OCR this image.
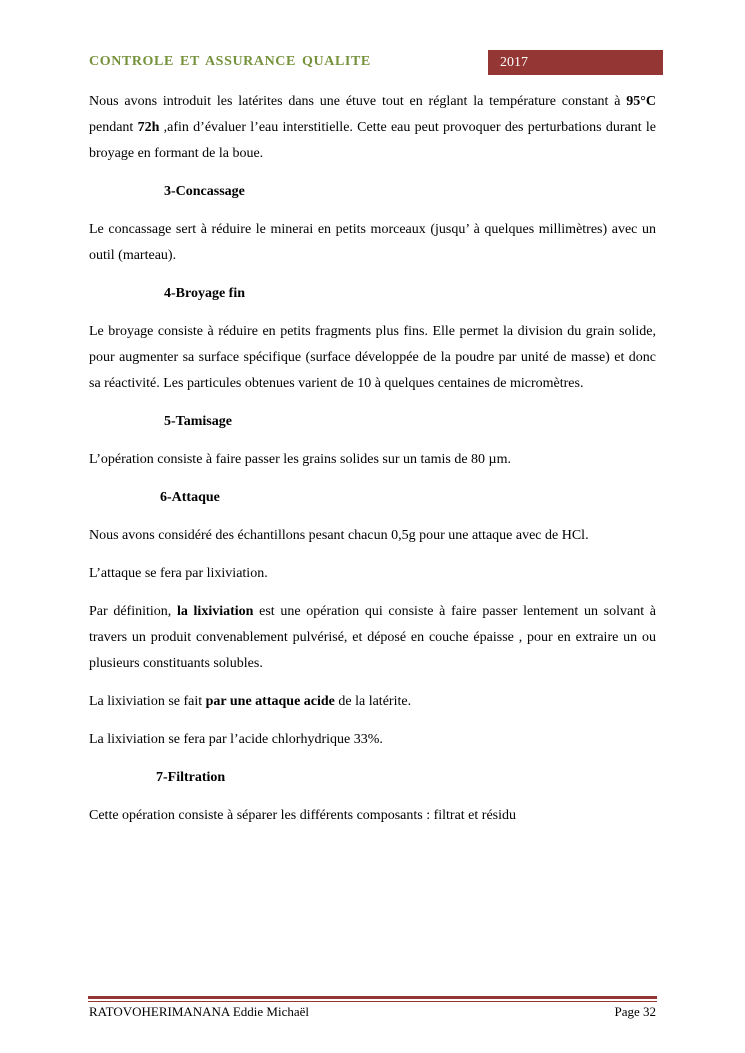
CONTROLE ET ASSURANCE QUALITE	2017

Nous avons introduit les latérites dans une étuve tout en réglant la température constant à 95°C pendant 72h ,afin d’évaluer l’eau interstitielle. Cette eau peut provoquer des perturbations durant le broyage en formant de la boue.

3-Concassage

Le concassage sert à réduire le minerai en petits morceaux (jusqu’ à quelques millimètres) avec un outil (marteau).

4-Broyage fin

Le broyage consiste à réduire en petits fragments plus fins. Elle permet la division du grain solide, pour augmenter sa surface spécifique (surface développée de la poudre par unité de masse) et donc sa réactivité. Les particules obtenues varient de 10 à quelques centaines de micromètres.

5-Tamisage

L’opération consiste à faire passer les grains solides sur un tamis de 80 µm.

6-Attaque

Nous avons considéré des échantillons pesant chacun 0,5g pour une attaque avec de HCl.

L’attaque se fera par lixiviation.

Par définition, la lixiviation est une opération qui consiste à faire passer lentement un solvant à travers un produit convenablement pulvérisé, et déposé en couche épaisse , pour en extraire un ou plusieurs constituants solubles.

La lixiviation se fait par une attaque acide de la latérite.

La lixiviation se fera par l’acide chlorhydrique 33%.

7-Filtration

Cette opération consiste à séparer les différents composants : filtrat et résidu

RATOVOHERIMANANA Eddie Michaël	Page 32
